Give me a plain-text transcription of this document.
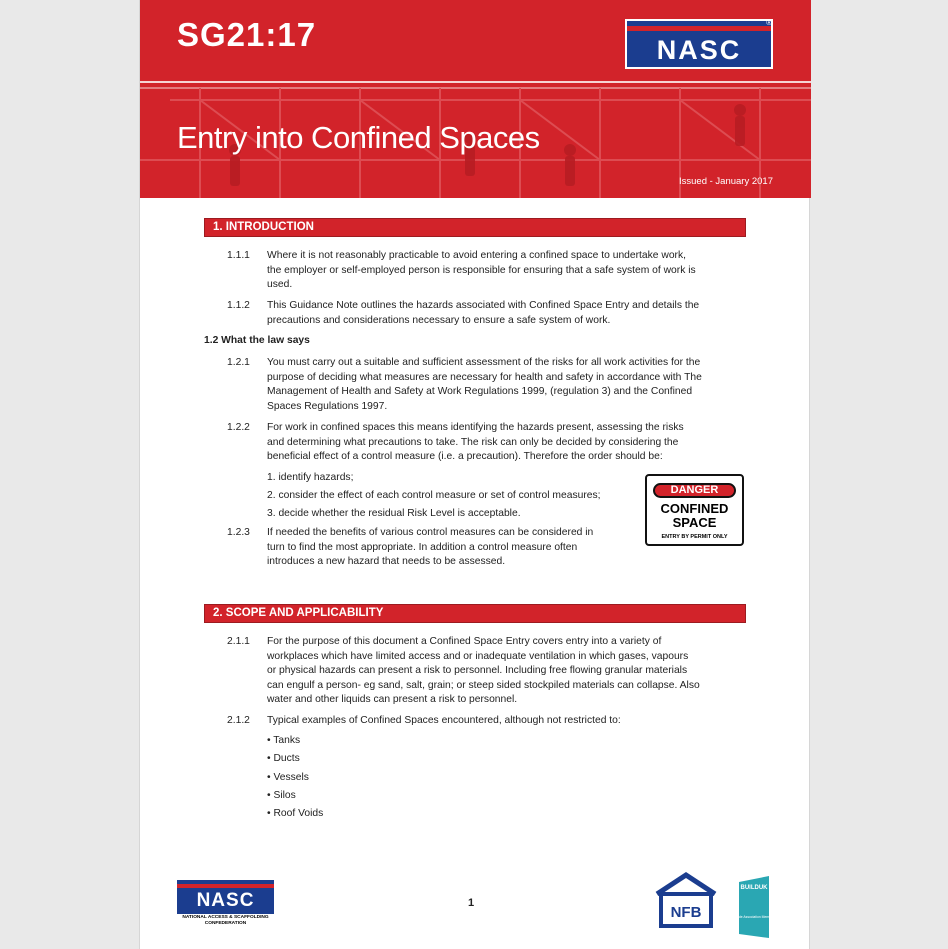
SG21:17
Entry into Confined Spaces
Issued - January 2017
NASC
®
1. INTRODUCTION
1.1.1 Where it is not reasonably practicable to avoid entering a confined space to undertake work,
the employer or self-employed person is responsible for ensuring that a safe system of work is
used.
1.1.2 This Guidance Note outlines the hazards associated with Confined Space Entry and details the
precautions and considerations necessary to ensure a safe system of work.
1.2 What the law says
1.2.1 You must carry out a suitable and sufficient assessment of the risks for all work activities for the
purpose of deciding what measures are necessary for health and safety in accordance with The
Management of Health and Safety at Work Regulations 1999, (regulation 3) and the Confined
Spaces Regulations 1997.
1.2.2 For work in confined spaces this means identifying the hazards present, assessing the risks
and determining what precautions to take. The risk can only be decided by considering the
beneficial effect of a control measure (i.e. a precaution). Therefore the order should be:
1. identify hazards;
2. consider the effect of each control measure or set of control measures;
3. decide whether the residual Risk Level is acceptable.
1.2.3 If needed the benefits of various control measures can be considered in
turn to find the most appropriate. In addition a control measure often
introduces a new hazard that needs to be assessed.
DANGER
CONFINED
SPACE
ENTRY BY PERMIT ONLY
2. SCOPE AND APPLICABILITY
2.1.1 For the purpose of this document a Confined Space Entry covers entry into a variety of
workplaces which have limited access and or inadequate ventilation in which gases, vapours
or physical hazards can present a risk to personnel. Including free flowing granular materials
can engulf a person- eg sand, salt, grain; or steep sided stockpiled materials can collapse. Also
water and other liquids can present a risk to personnel.
2.1.2 Typical examples of Confined Spaces encountered, although not restricted to:
• Tanks
• Ducts
• Vessels
• Silos
• Roof Voids
NASC
NATIONAL ACCESS & SCAFFOLDING CONFEDERATION
1
NFB
BUILDUK
Trade Association Member
